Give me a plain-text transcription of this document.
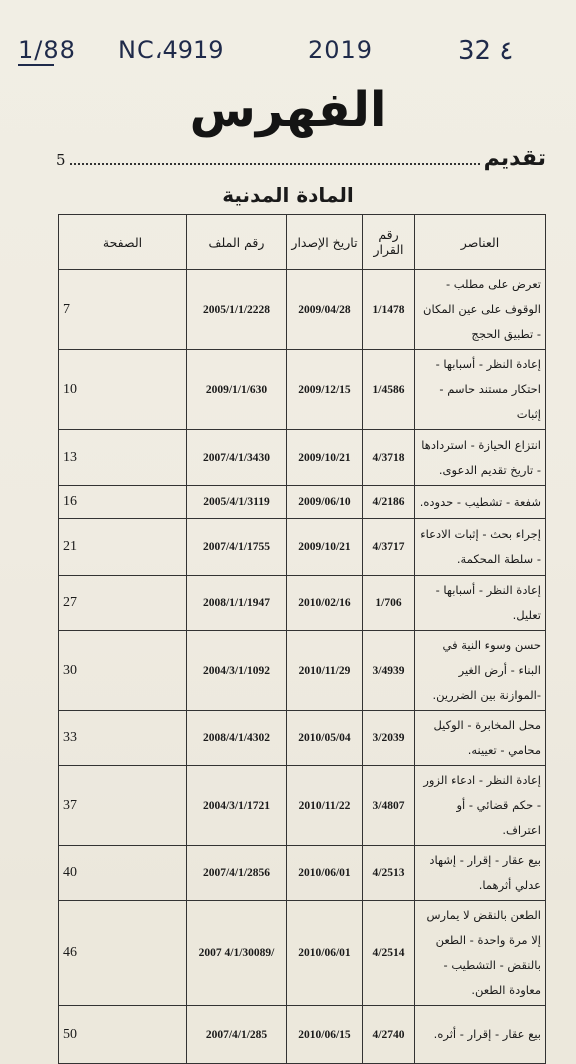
1/88 NC،4919	2019	32 ٤
الفهرس
تقديم
5
المادة المدنية
العناصر	رقم القرار	تاريخ الإصدار	رقم الملف	الصفحة
تعرض على مطلب - الوقوف على عين المكان - تطبيق الحجج	1/1478	2009/04/28	2005/1/1/2228	7
إعادة النظر - أسبابها - احتكار مستند حاسم - إثبات	1/4586	2009/12/15	2009/1/1/630	10
انتزاع الحيازة - استردادها - تاريخ تقديم الدعوى.	4/3718	2009/10/21	2007/4/1/3430	13
شفعة - تشطيب - حدوده.	4/2186	2009/06/10	2005/4/1/3119	16
إجراء بحث - إثبات الادعاء - سلطة المحكمة.	4/3717	2009/10/21	2007/4/1/1755	21
إعادة النظر - أسبابها - تعليل.	1/706	2010/02/16	2008/1/1/1947	27
حسن وسوء النية في البناء - أرض الغير -الموازنة بين الضررين.	3/4939	2010/11/29	2004/3/1/1092	30
محل المخابرة - الوكيل محامي - تعيينه.	3/2039	2010/05/04	2008/4/1/4302	33
إعادة النظر - ادعاء الزور - حكم قضائي - أو اعتراف.	3/4807	2010/11/22	2004/3/1/1721	37
بيع عقار - إقرار - إشهاد عدلي أثرهما.	4/2513	2010/06/01	2007/4/1/2856	40
الطعن بالنقض لا يمارس إلا مرة واحدة - الطعن بالنقض - التشطيب - معاودة الطعن.	4/2514	2010/06/01	/4/1/30089 2007	46
بيع عقار - إقرار - أثره.	4/2740	2010/06/15	2007/4/1/285	50
